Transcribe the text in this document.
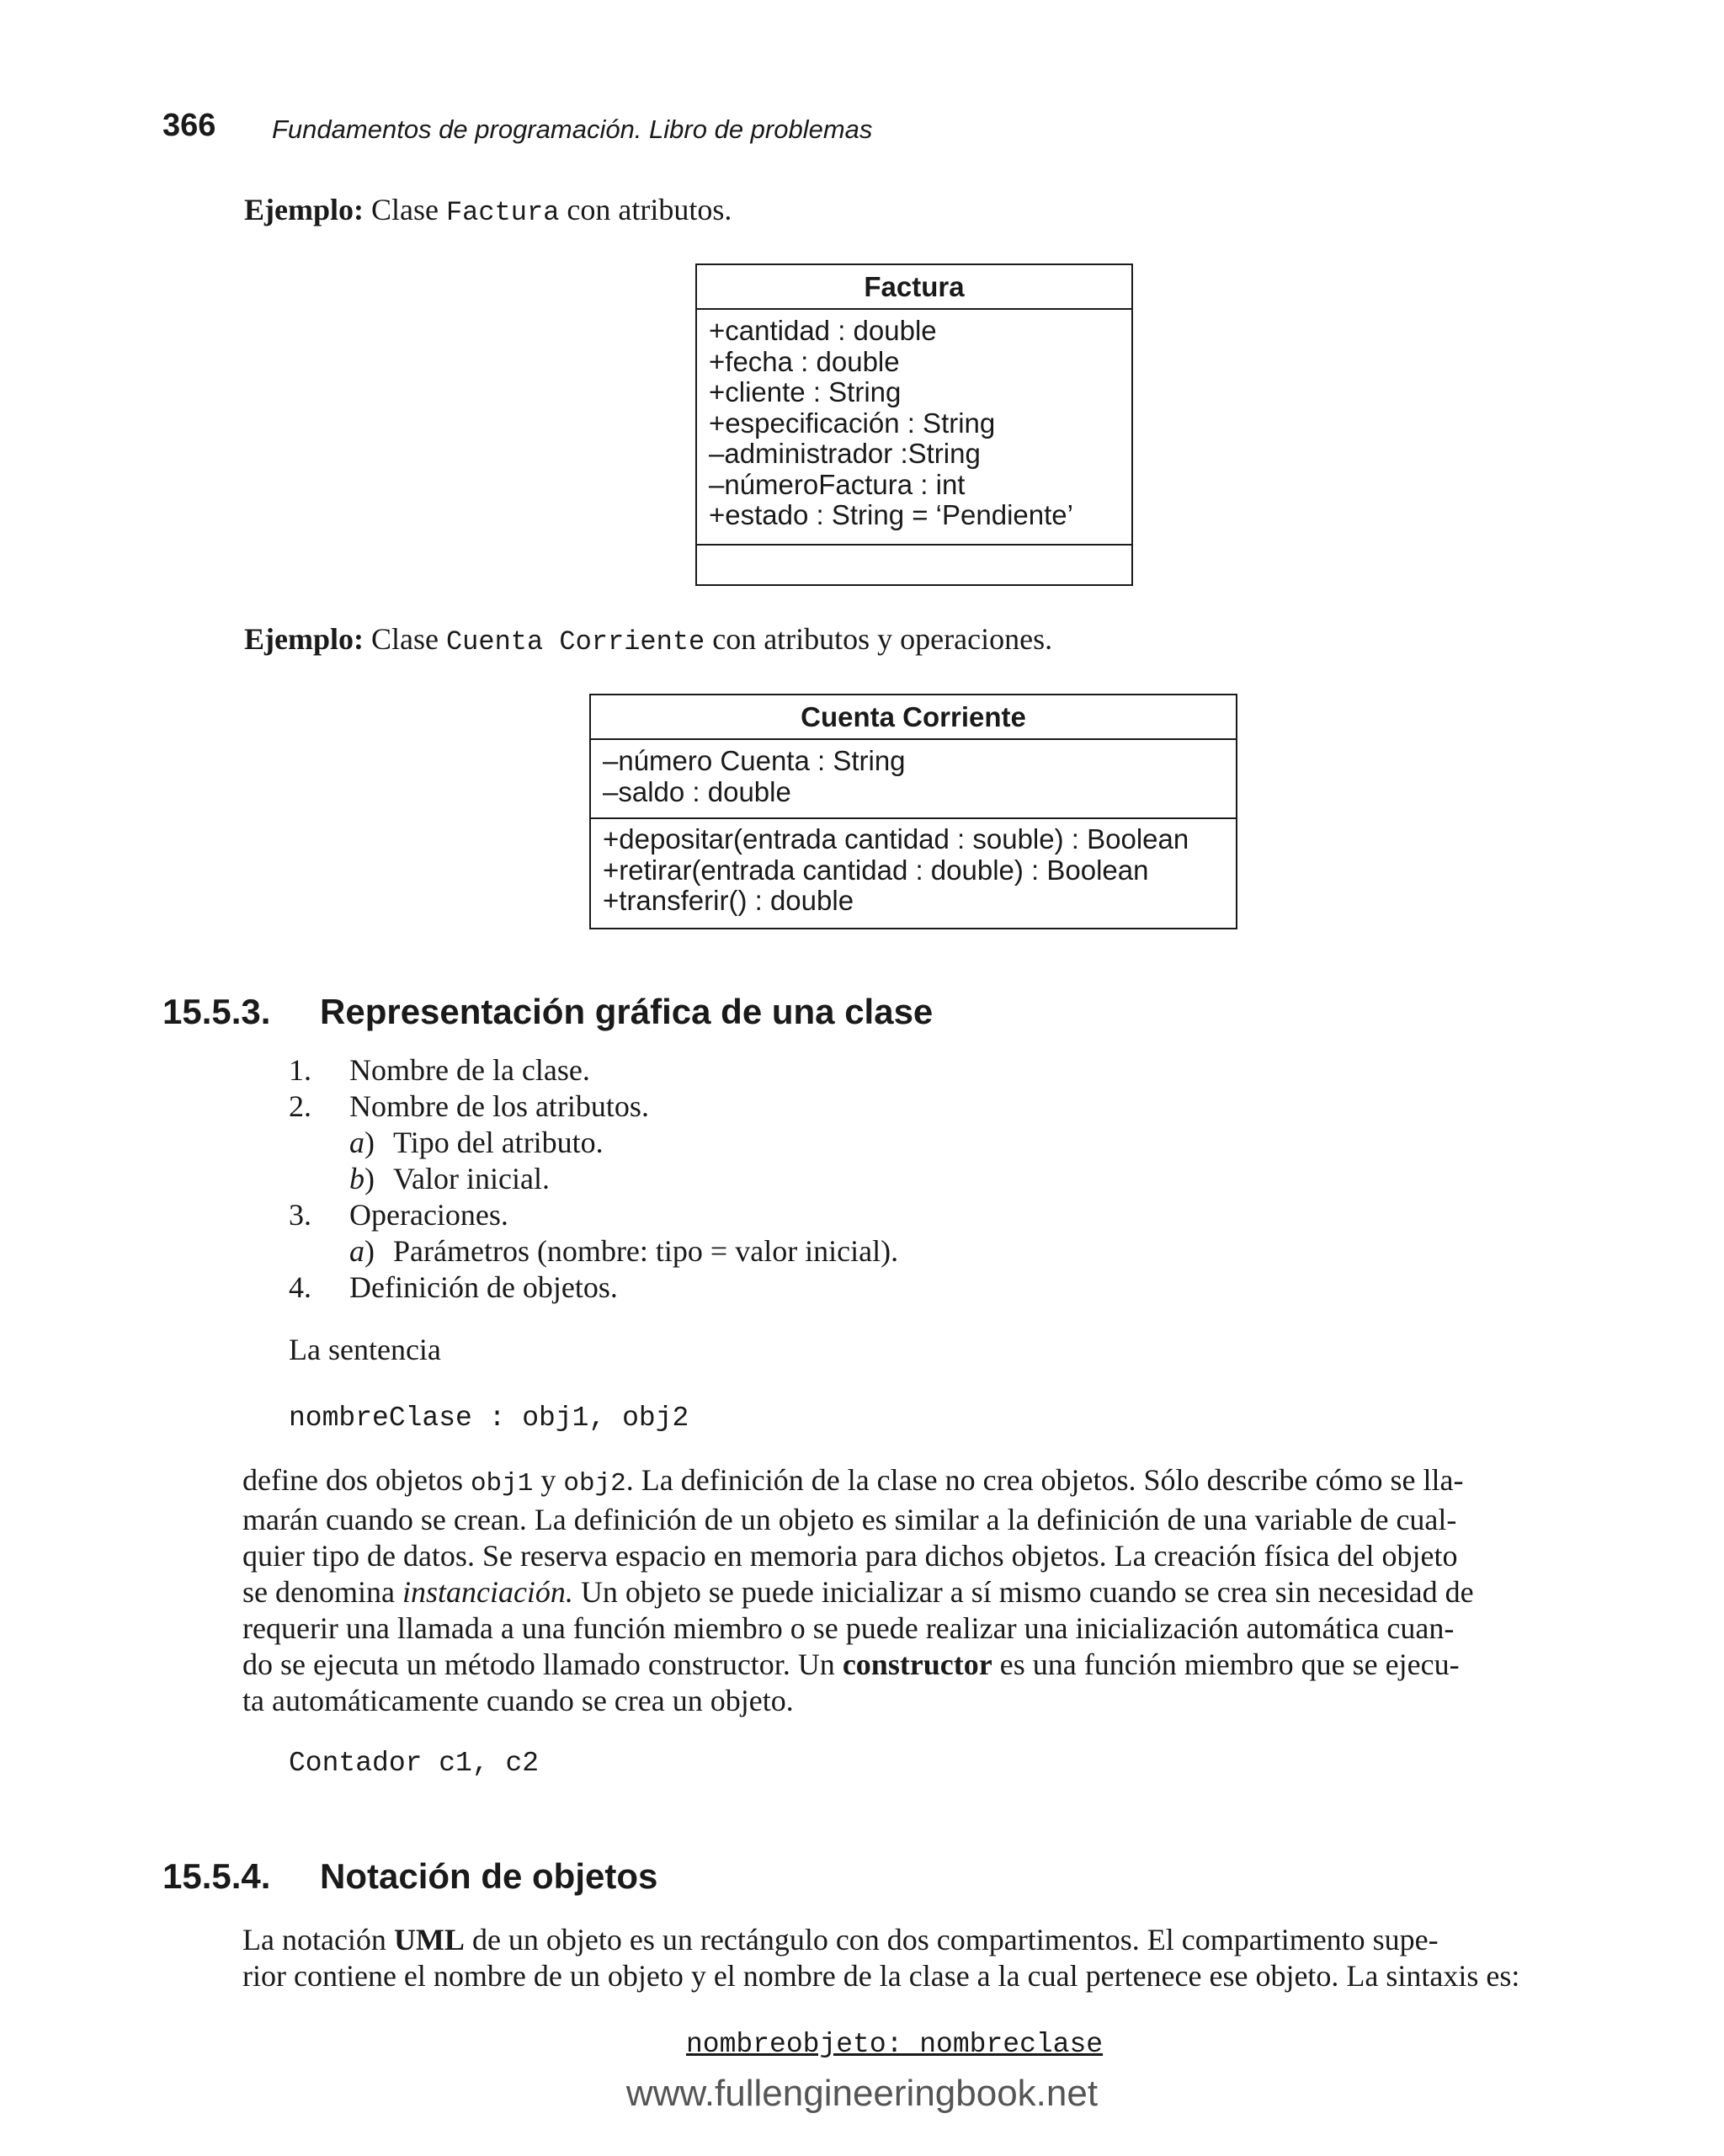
366 Fundamentos de programación. Libro de problemas
Ejemplo: Clase Factura con atributos.
Factura
+cantidad : double
+fecha : double
+cliente : String
+especificación : String
–administrador :String
–númeroFactura : int
+estado : String = ‘Pendiente’
Ejemplo: Clase Cuenta Corriente con atributos y operaciones.
Cuenta Corriente
–número Cuenta : String
–saldo : double
+depositar(entrada cantidad : souble) : Boolean
+retirar(entrada cantidad : double) : Boolean
+transferir() : double
15.5.3. Representación gráfica de una clase
1. Nombre de la clase.
2. Nombre de los atributos.
a) Tipo del atributo.
b) Valor inicial.
3. Operaciones.
a) Parámetros (nombre: tipo = valor inicial).
4. Definición de objetos.
La sentencia
nombreClase : obj1, obj2
define dos objetos obj1 y obj2. La definición de la clase no crea objetos. Sólo describe cómo se lla-
marán cuando se crean. La definición de un objeto es similar a la definición de una variable de cual-
quier tipo de datos. Se reserva espacio en memoria para dichos objetos. La creación física del objeto
se denomina instanciación. Un objeto se puede inicializar a sí mismo cuando se crea sin necesidad de
requerir una llamada a una función miembro o se puede realizar una inicialización automática cuan-
do se ejecuta un método llamado constructor. Un constructor es una función miembro que se ejecu-
ta automáticamente cuando se crea un objeto.
Contador c1, c2
15.5.4. Notación de objetos
La notación UML de un objeto es un rectángulo con dos compartimentos. El compartimento supe-
rior contiene el nombre de un objeto y el nombre de la clase a la cual pertenece ese objeto. La sintaxis es:
nombreobjeto: nombreclase
www.fullengineeringbook.net
